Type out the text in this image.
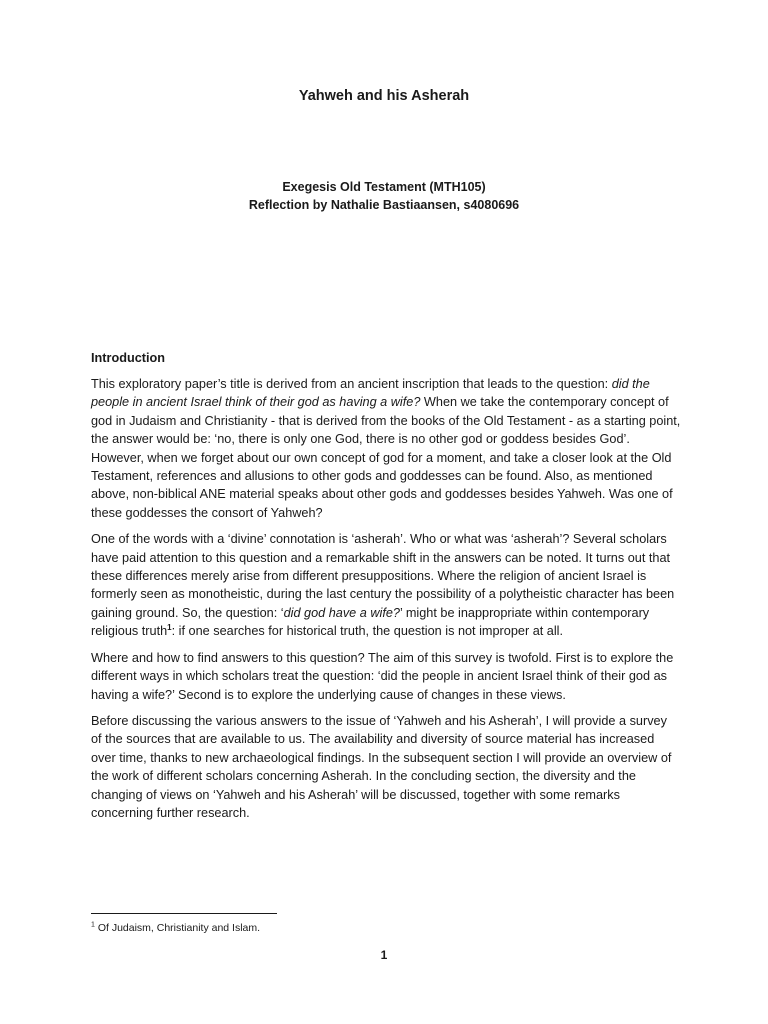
Yahweh and his Asherah
Exegesis Old Testament (MTH105)
Reflection by Nathalie Bastiaansen, s4080696
Introduction

This exploratory paper’s title is derived from an ancient inscription that leads to the question: did the people in ancient Israel think of their god as having a wife? When we take the contemporary concept of god in Judaism and Christianity - that is derived from the books of the Old Testament - as a starting point, the answer would be: ‘no, there is only one God, there is no other god or goddess besides God’. However, when we forget about our own concept of god for a moment, and take a closer look at the Old Testament, references and allusions to other gods and goddesses can be found. Also, as mentioned above, non-biblical ANE material speaks about other gods and goddesses besides Yahweh. Was one of these goddesses the consort of Yahweh?

One of the words with a ‘divine’ connotation is ‘asherah’. Who or what was ‘asherah’? Several scholars have paid attention to this question and a remarkable shift in the answers can be noted. It turns out that these differences merely arise from different presuppositions. Where the religion of ancient Israel is formerly seen as monotheistic, during the last century the possibility of a polytheistic character has been gaining ground. So, the question: ‘did god have a wife?’ might be inappropriate within contemporary religious truth$^1$: if one searches for historical truth, the question is not improper at all.

Where and how to find answers to this question? The aim of this survey is twofold. First is to explore the different ways in which scholars treat the question: ‘did the people in ancient Israel think of their god as having a wife?’ Second is to explore the underlying cause of changes in these views.

Before discussing the various answers to the issue of ‘Yahweh and his Asherah’, I will provide a survey of the sources that are available to us. The availability and diversity of source material has increased over time, thanks to new archaeological findings. In the subsequent section I will provide an overview of the work of different scholars concerning Asherah. In the concluding section, the diversity and the changing of views on ‘Yahweh and his Asherah’ will be discussed, together with some remarks concerning further research.

$^1$ Of Judaism, Christianity and Islam.
1
